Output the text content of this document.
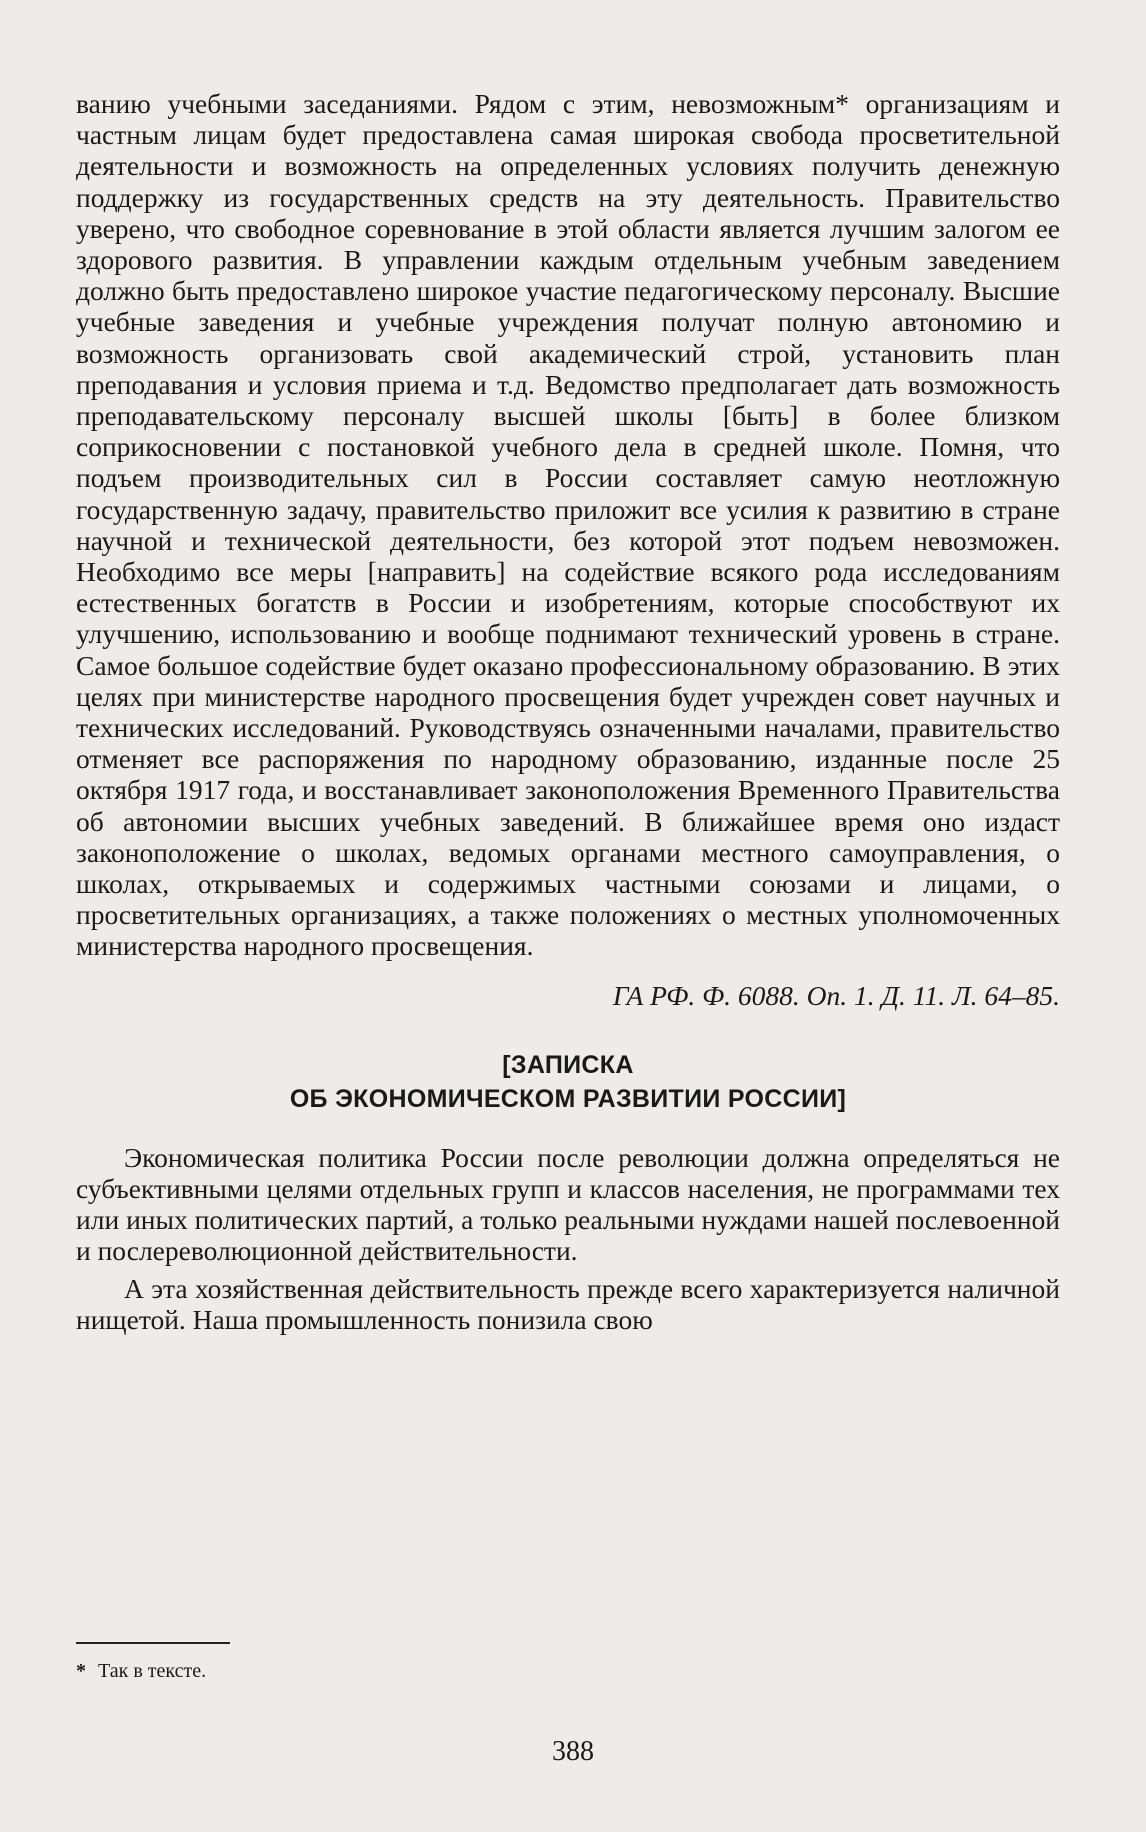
ванию учебными заседаниями. Рядом с этим, невозможным* организациям и частным лицам будет предоставлена самая широкая свобода просветительной деятельности и возможность на определенных условиях получить денежную поддержку из государственных средств на эту деятельность. Правительство уверено, что свободное соревнование в этой области является лучшим залогом ее здорового развития. В управлении каждым отдельным учебным заведением должно быть предоставлено широкое участие педагогическому персоналу. Высшие учебные заведения и учебные учреждения получат полную автономию и возможность организовать свой академический строй, установить план преподавания и условия приема и т.д. Ведомство предполагает дать возможность преподавательскому персоналу высшей школы [быть] в более близком соприкосновении с постановкой учебного дела в средней школе. Помня, что подъем производительных сил в России составляет самую неотложную государственную задачу, правительство приложит все усилия к развитию в стране научной и технической деятельности, без которой этот подъем невозможен. Необходимо все меры [направить] на содействие всякого рода исследованиям естественных богатств в России и изобретениям, которые способствуют их улучшению, использованию и вообще поднимают технический уровень в стране. Самое большое содействие будет оказано профессиональному образованию. В этих целях при министерстве народного просвещения будет учрежден совет научных и технических исследований. Руководствуясь означенными началами, правительство отменяет все распоряжения по народному образованию, изданные после 25 октября 1917 года, и восстанавливает законоположения Временного Правительства об автономии высших учебных заведений. В ближайшее время оно издаст законоположение о школах, ведомых органами местного самоуправления, о школах, открываемых и содержимых частными союзами и лицами, о просветительных организациях, а также положениях о местных уполномоченных министерства народного просвещения.

ГА РФ. Ф. 6088. Оп. 1. Д. 11. Л. 64–85.

[ЗАПИСКА
ОБ ЭКОНОМИЧЕСКОМ РАЗВИТИИ РОССИИ]

Экономическая политика России после революции должна определяться не субъективными целями отдельных групп и классов населения, не программами тех или иных политических партий, а только реальными нуждами нашей послевоенной и послереволюционной действительности.

А эта хозяйственная действительность прежде всего характеризуется наличной нищетой. Наша промышленность понизила свою

* Так в тексте.
388
